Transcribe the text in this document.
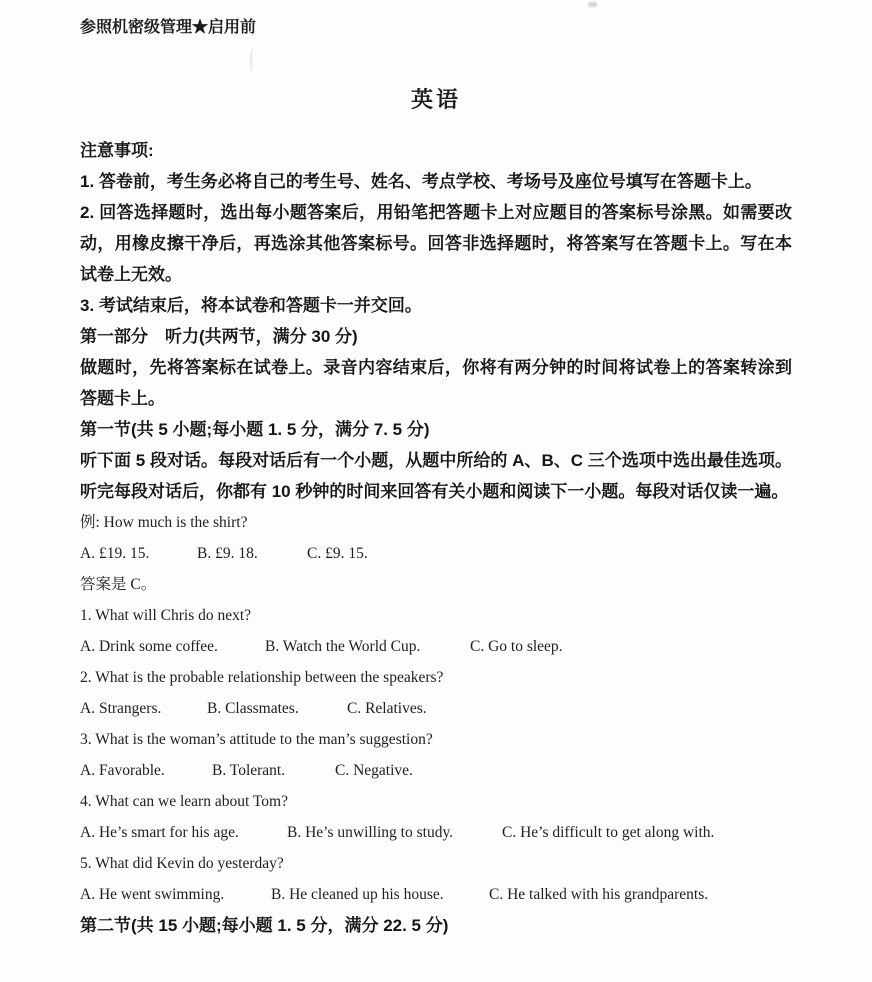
参照机密级管理★启用前

英语

注意事项:

1. 答卷前，考生务必将自己的考生号、姓名、考点学校、考场号及座位号填写在答题卡上。

2. 回答选择题时，选出每小题答案后，用铅笔把答题卡上对应题目的答案标号涂黑。如需要改动，用橡皮擦干净后，再选涂其他答案标号。回答非选择题时，将答案写在答题卡上。写在本试卷上无效。

3. 考试结束后，将本试卷和答题卡一并交回。

第一部分　听力(共两节，满分 30 分)

做题时，先将答案标在试卷上。录音内容结束后，你将有两分钟的时间将试卷上的答案转涂到答题卡上。

第一节(共 5 小题;每小题 1. 5 分，满分 7. 5 分)

听下面 5 段对话。每段对话后有一个小题，从题中所给的 A、B、C 三个选项中选出最佳选项。听完每段对话后，你都有 10 秒钟的时间来回答有关小题和阅读下一小题。每段对话仅读一遍。

例: How much is the shirt?

A. £19. 15.	B. £9. 18.	C. £9. 15.

答案是 C。

1. What will Chris do next?

A. Drink some coffee.	B. Watch the World Cup.	C. Go to sleep.

2. What is the probable relationship between the speakers?

A. Strangers.	B. Classmates.	C. Relatives.

3. What is the woman’s attitude to the man’s suggestion?

A. Favorable.	B. Tolerant.	C. Negative.

4. What can we learn about Tom?

A. He’s smart for his age.	B. He’s unwilling to study.	C. He’s difficult to get along with.

5. What did Kevin do yesterday?

A. He went swimming.	B. He cleaned up his house.	C. He talked with his grandparents.

第二节(共 15 小题;每小题 1. 5 分，满分 22. 5 分)
